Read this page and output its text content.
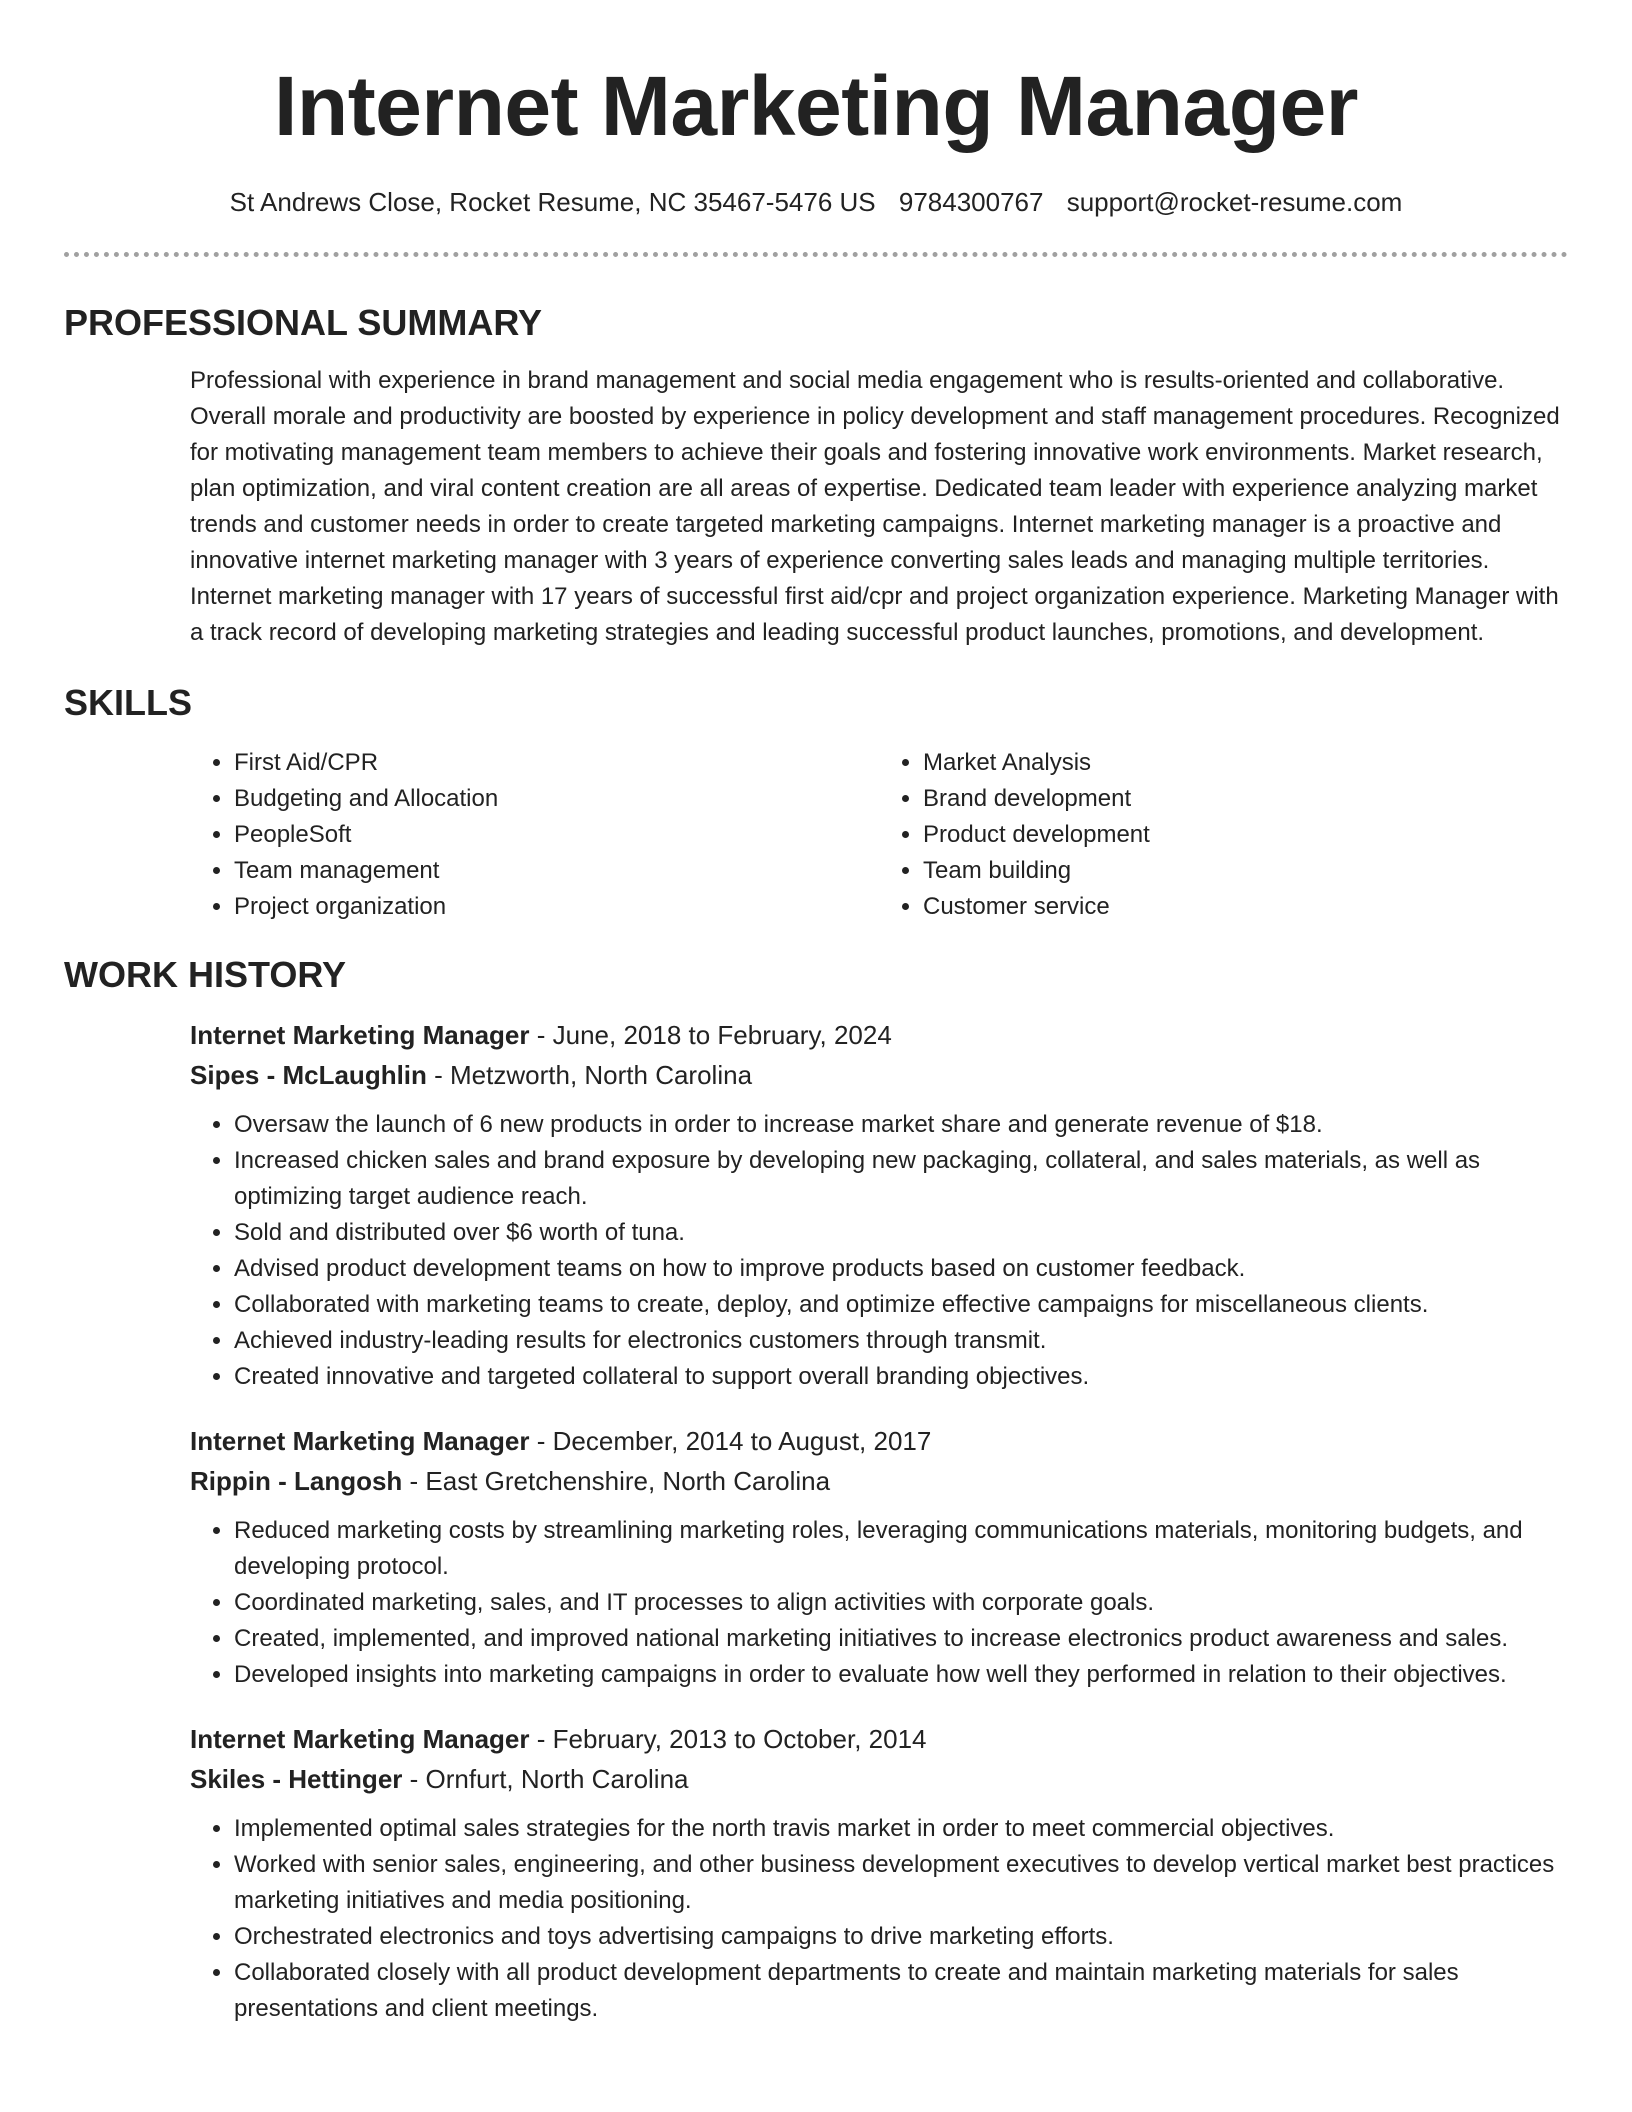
Internet Marketing Manager
St Andrews Close, Rocket Resume, NC 35467-5476 US 9784300767 support@rocket-resume.com
PROFESSIONAL SUMMARY
Professional with experience in brand management and social media engagement who is results-oriented and collaborative. Overall morale and productivity are boosted by experience in policy development and staff management procedures. Recognized for motivating management team members to achieve their goals and fostering innovative work environments. Market research, plan optimization, and viral content creation are all areas of expertise. Dedicated team leader with experience analyzing market trends and customer needs in order to create targeted marketing campaigns. Internet marketing manager is a proactive and innovative internet marketing manager with 3 years of experience converting sales leads and managing multiple territories. Internet marketing manager with 17 years of successful first aid/cpr and project organization experience. Marketing Manager with a track record of developing marketing strategies and leading successful product launches, promotions, and development.
SKILLS
• First Aid/CPR
• Budgeting and Allocation
• PeopleSoft
• Team management
• Project organization
• Market Analysis
• Brand development
• Product development
• Team building
• Customer service
WORK HISTORY
Internet Marketing Manager - June, 2018 to February, 2024
Sipes - McLaughlin - Metzworth, North Carolina
• Oversaw the launch of 6 new products in order to increase market share and generate revenue of $18.
• Increased chicken sales and brand exposure by developing new packaging, collateral, and sales materials, as well as optimizing target audience reach.
• Sold and distributed over $6 worth of tuna.
• Advised product development teams on how to improve products based on customer feedback.
• Collaborated with marketing teams to create, deploy, and optimize effective campaigns for miscellaneous clients.
• Achieved industry-leading results for electronics customers through transmit.
• Created innovative and targeted collateral to support overall branding objectives.
Internet Marketing Manager - December, 2014 to August, 2017
Rippin - Langosh - East Gretchenshire, North Carolina
• Reduced marketing costs by streamlining marketing roles, leveraging communications materials, monitoring budgets, and developing protocol.
• Coordinated marketing, sales, and IT processes to align activities with corporate goals.
• Created, implemented, and improved national marketing initiatives to increase electronics product awareness and sales.
• Developed insights into marketing campaigns in order to evaluate how well they performed in relation to their objectives.
Internet Marketing Manager - February, 2013 to October, 2014
Skiles - Hettinger - Ornfurt, North Carolina
• Implemented optimal sales strategies for the north travis market in order to meet commercial objectives.
• Worked with senior sales, engineering, and other business development executives to develop vertical market best practices marketing initiatives and media positioning.
• Orchestrated electronics and toys advertising campaigns to drive marketing efforts.
• Collaborated closely with all product development departments to create and maintain marketing materials for sales presentations and client meetings.
